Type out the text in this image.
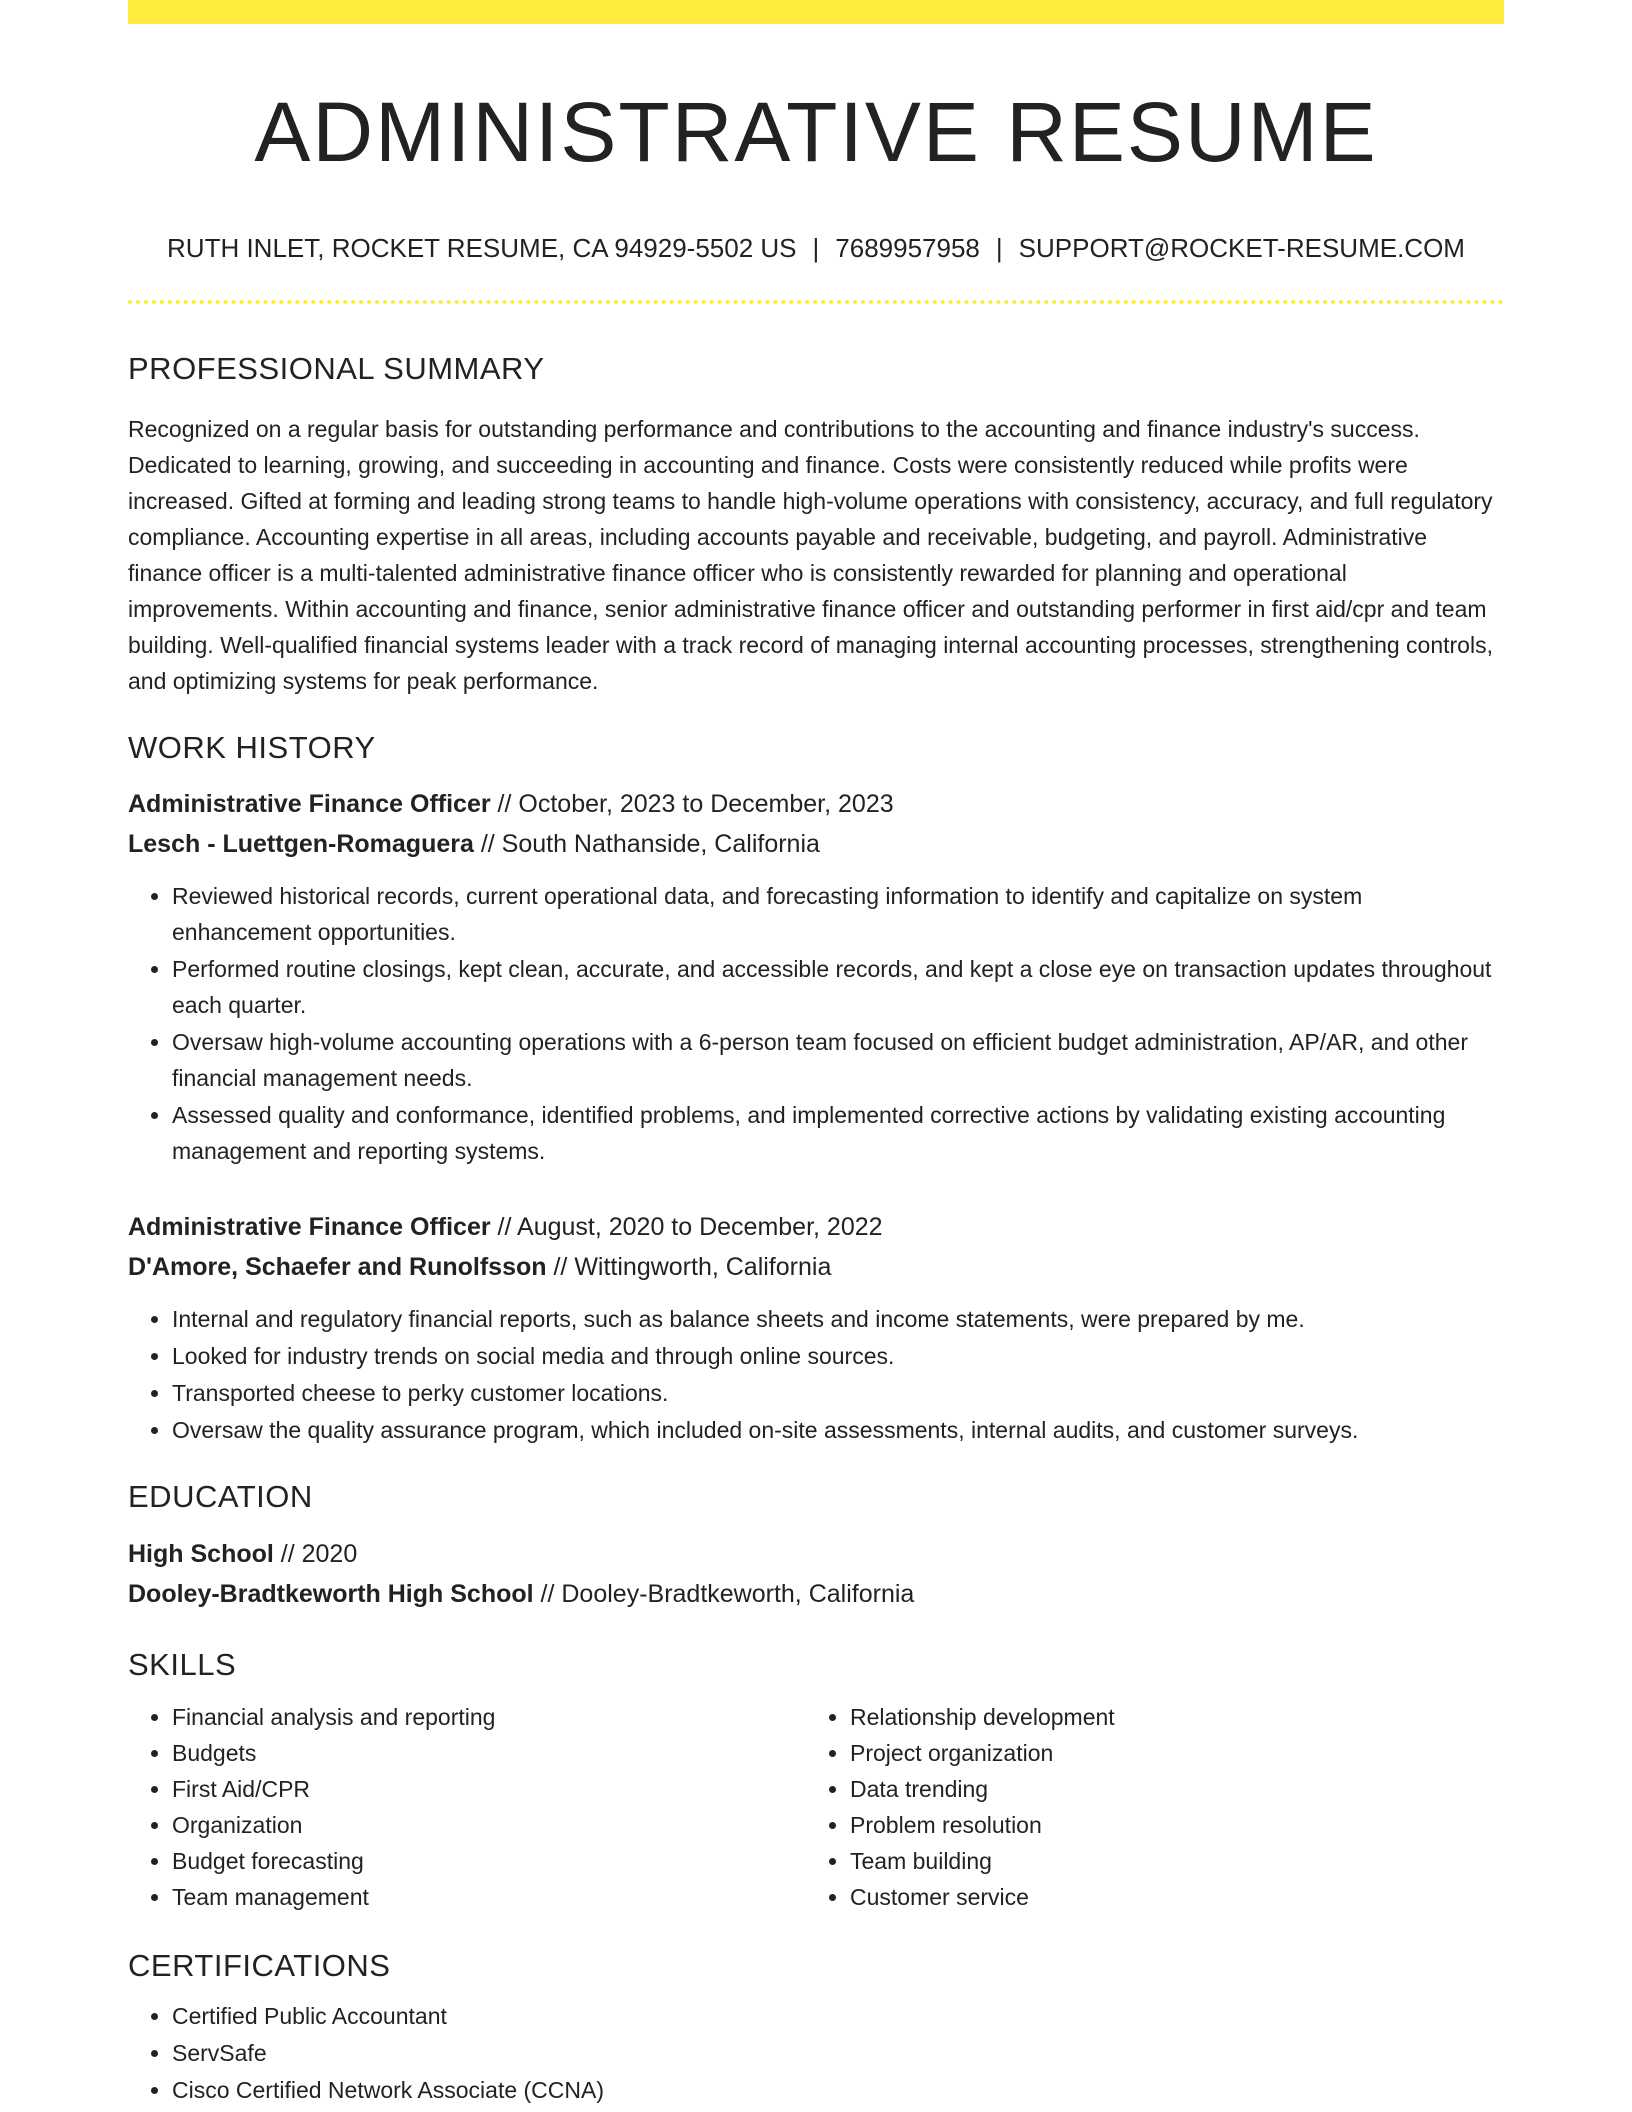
ADMINISTRATIVE RESUME
RUTH INLET, ROCKET RESUME, CA 94929-5502 US | 7689957958 | SUPPORT@ROCKET-RESUME.COM
PROFESSIONAL SUMMARY

Recognized on a regular basis for outstanding performance and contributions to the accounting and finance industry's success. Dedicated to learning, growing, and succeeding in accounting and finance. Costs were consistently reduced while profits were increased. Gifted at forming and leading strong teams to handle high-volume operations with consistency, accuracy, and full regulatory compliance. Accounting expertise in all areas, including accounts payable and receivable, budgeting, and payroll. Administrative finance officer is a multi-talented administrative finance officer who is consistently rewarded for planning and operational improvements. Within accounting and finance, senior administrative finance officer and outstanding performer in first aid/cpr and team building. Well-qualified financial systems leader with a track record of managing internal accounting processes, strengthening controls, and optimizing systems for peak performance.

WORK HISTORY
Administrative Finance Officer // October, 2023 to December, 2023
Lesch - Luettgen-Romaguera // South Nathanside, California
• Reviewed historical records, current operational data, and forecasting information to identify and capitalize on system enhancement opportunities.
• Performed routine closings, kept clean, accurate, and accessible records, and kept a close eye on transaction updates throughout each quarter.
• Oversaw high-volume accounting operations with a 6-person team focused on efficient budget administration, AP/AR, and other financial management needs.
• Assessed quality and conformance, identified problems, and implemented corrective actions by validating existing accounting management and reporting systems.
Administrative Finance Officer // August, 2020 to December, 2022
D'Amore, Schaefer and Runolfsson // Wittingworth, California
• Internal and regulatory financial reports, such as balance sheets and income statements, were prepared by me.
• Looked for industry trends on social media and through online sources.
• Transported cheese to perky customer locations.
• Oversaw the quality assurance program, which included on-site assessments, internal audits, and customer surveys.
EDUCATION
High School // 2020
Dooley-Bradtkeworth High School // Dooley-Bradtkeworth, California
SKILLS
• Financial analysis and reporting
• Budgets
• First Aid/CPR
• Organization
• Budget forecasting
• Team management
• Relationship development
• Project organization
• Data trending
• Problem resolution
• Team building
• Customer service
CERTIFICATIONS
• Certified Public Accountant
• ServSafe
• Cisco Certified Network Associate (CCNA)
